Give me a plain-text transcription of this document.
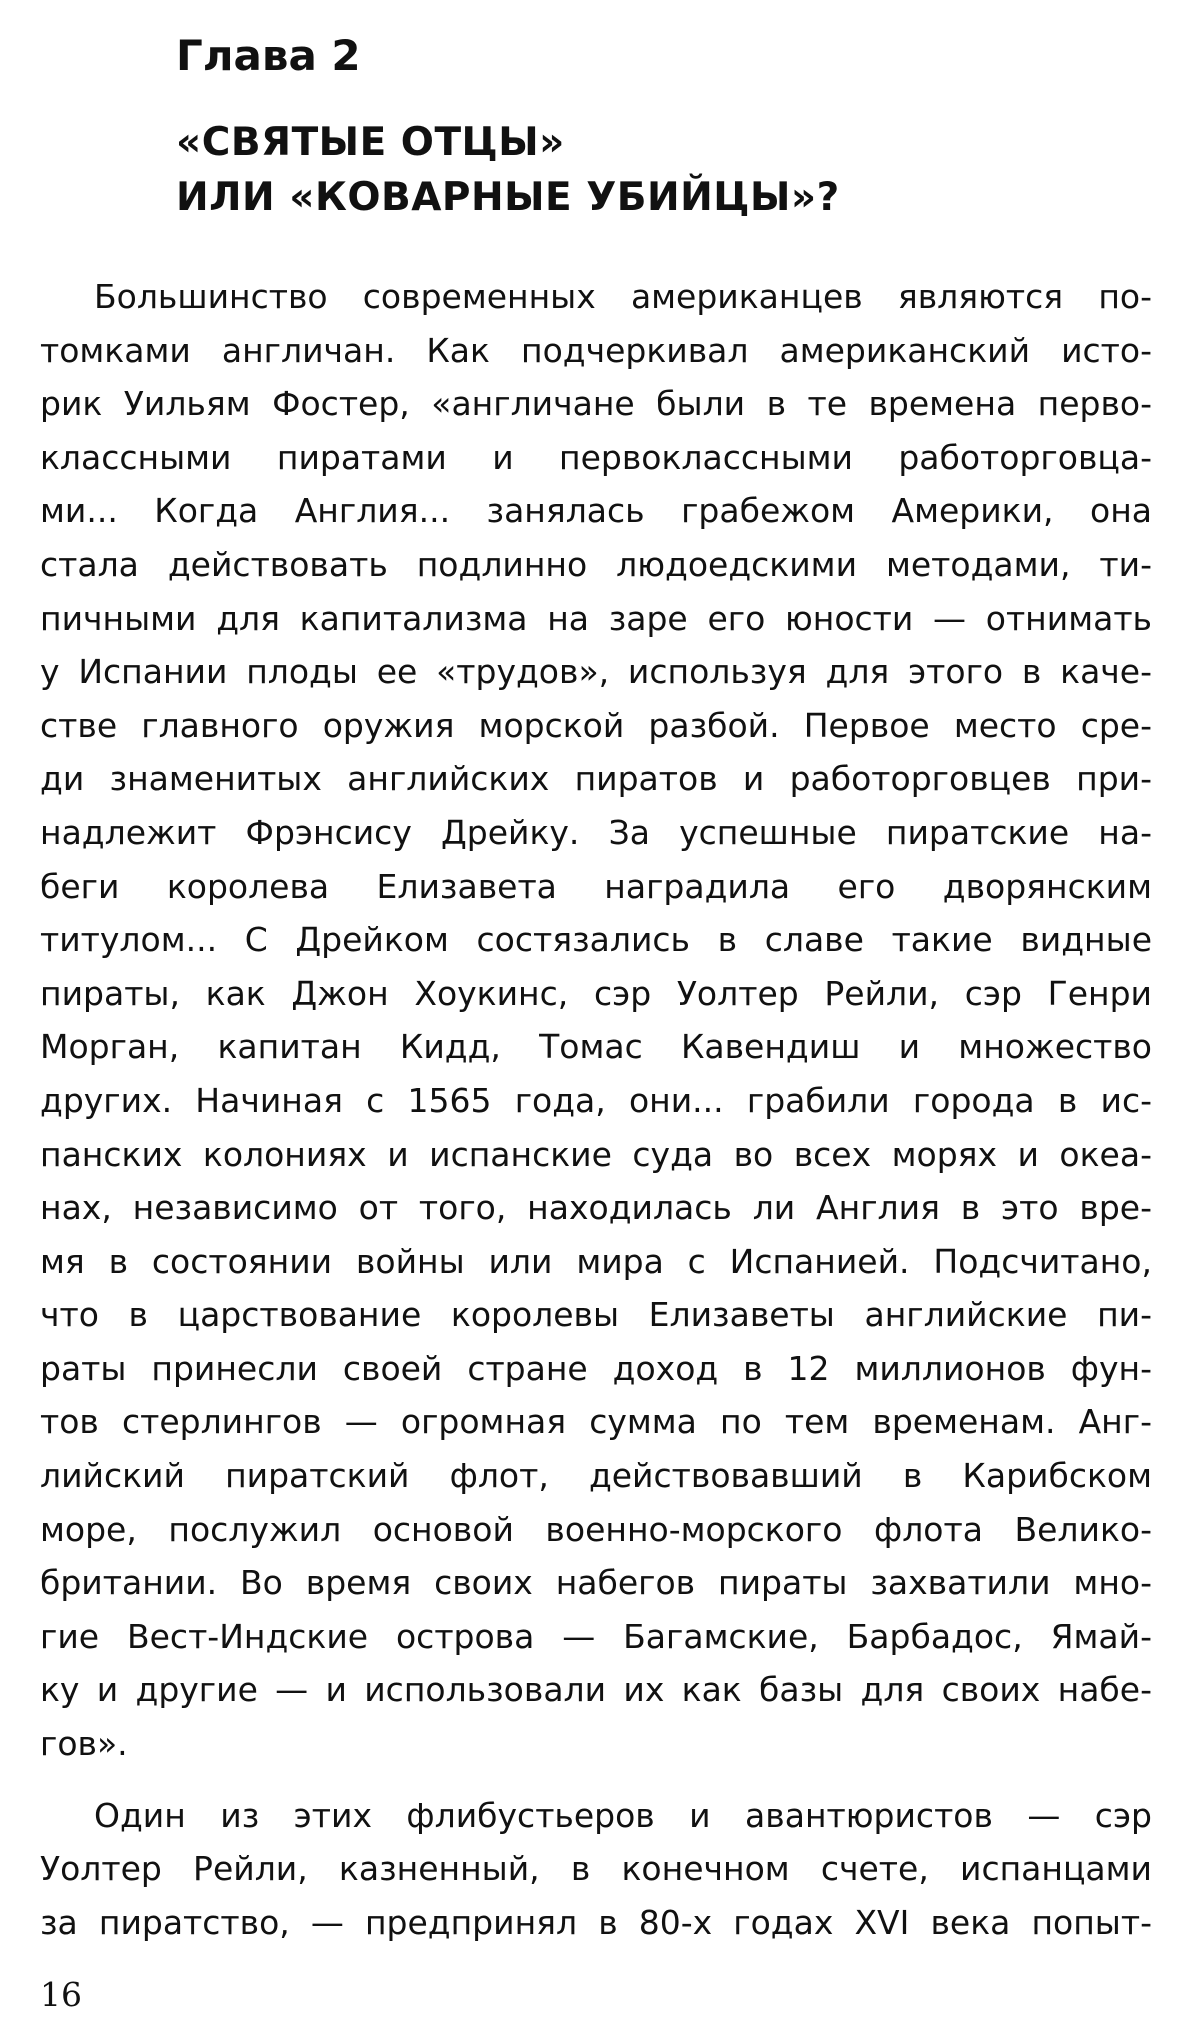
Глава 2

«СВЯТЫЕ ОТЦЫ»
ИЛИ «КОВАРНЫЕ УБИЙЦЫ»?
Большинство современных американцев являются по-
томками англичан. Как подчеркивал американский исто-
рик Уильям Фостер, «англичане были в те времена перво-
классными пиратами и первоклассными работорговца-
ми... Когда Англия... занялась грабежом Америки, она
стала действовать подлинно людоедскими методами, ти-
пичными для капитализма на заре его юности — отнимать
у Испании плоды ее «трудов», используя для этого в каче-
стве главного оружия морской разбой. Первое место сре-
ди знаменитых английских пиратов и работорговцев при-
надлежит Фрэнсису Дрейку. За успешные пиратские на-
беги королева Елизавета наградила его дворянским
титулом... С Дрейком состязались в славе такие видные
пираты, как Джон Хоукинс, сэр Уолтер Рейли, сэр Генри
Морган, капитан Кидд, Томас Кавендиш и множество
других. Начиная с 1565 года, они... грабили города в ис-
панских колониях и испанские суда во всех морях и океа-
нах, независимо от того, находилась ли Англия в это вре-
мя в состоянии войны или мира с Испанией. Подсчитано,
что в царствование королевы Елизаветы английские пи-
раты принесли своей стране доход в 12 миллионов фун-
тов стерлингов — огромная сумма по тем временам. Анг-
лийский пиратский флот, действовавший в Карибском
море, послужил основой военно-морского флота Велико-
британии. Во время своих набегов пираты захватили мно-
гие Вест-Индские острова — Багамские, Барбадос, Ямай-
ку и другие — и использовали их как базы для своих набе-
гов».
Один из этих флибустьеров и авантюристов — сэр
Уолтер Рейли, казненный, в конечном счете, испанцами
за пиратство, — предпринял в 80-х годах XVI века попыт-

16
